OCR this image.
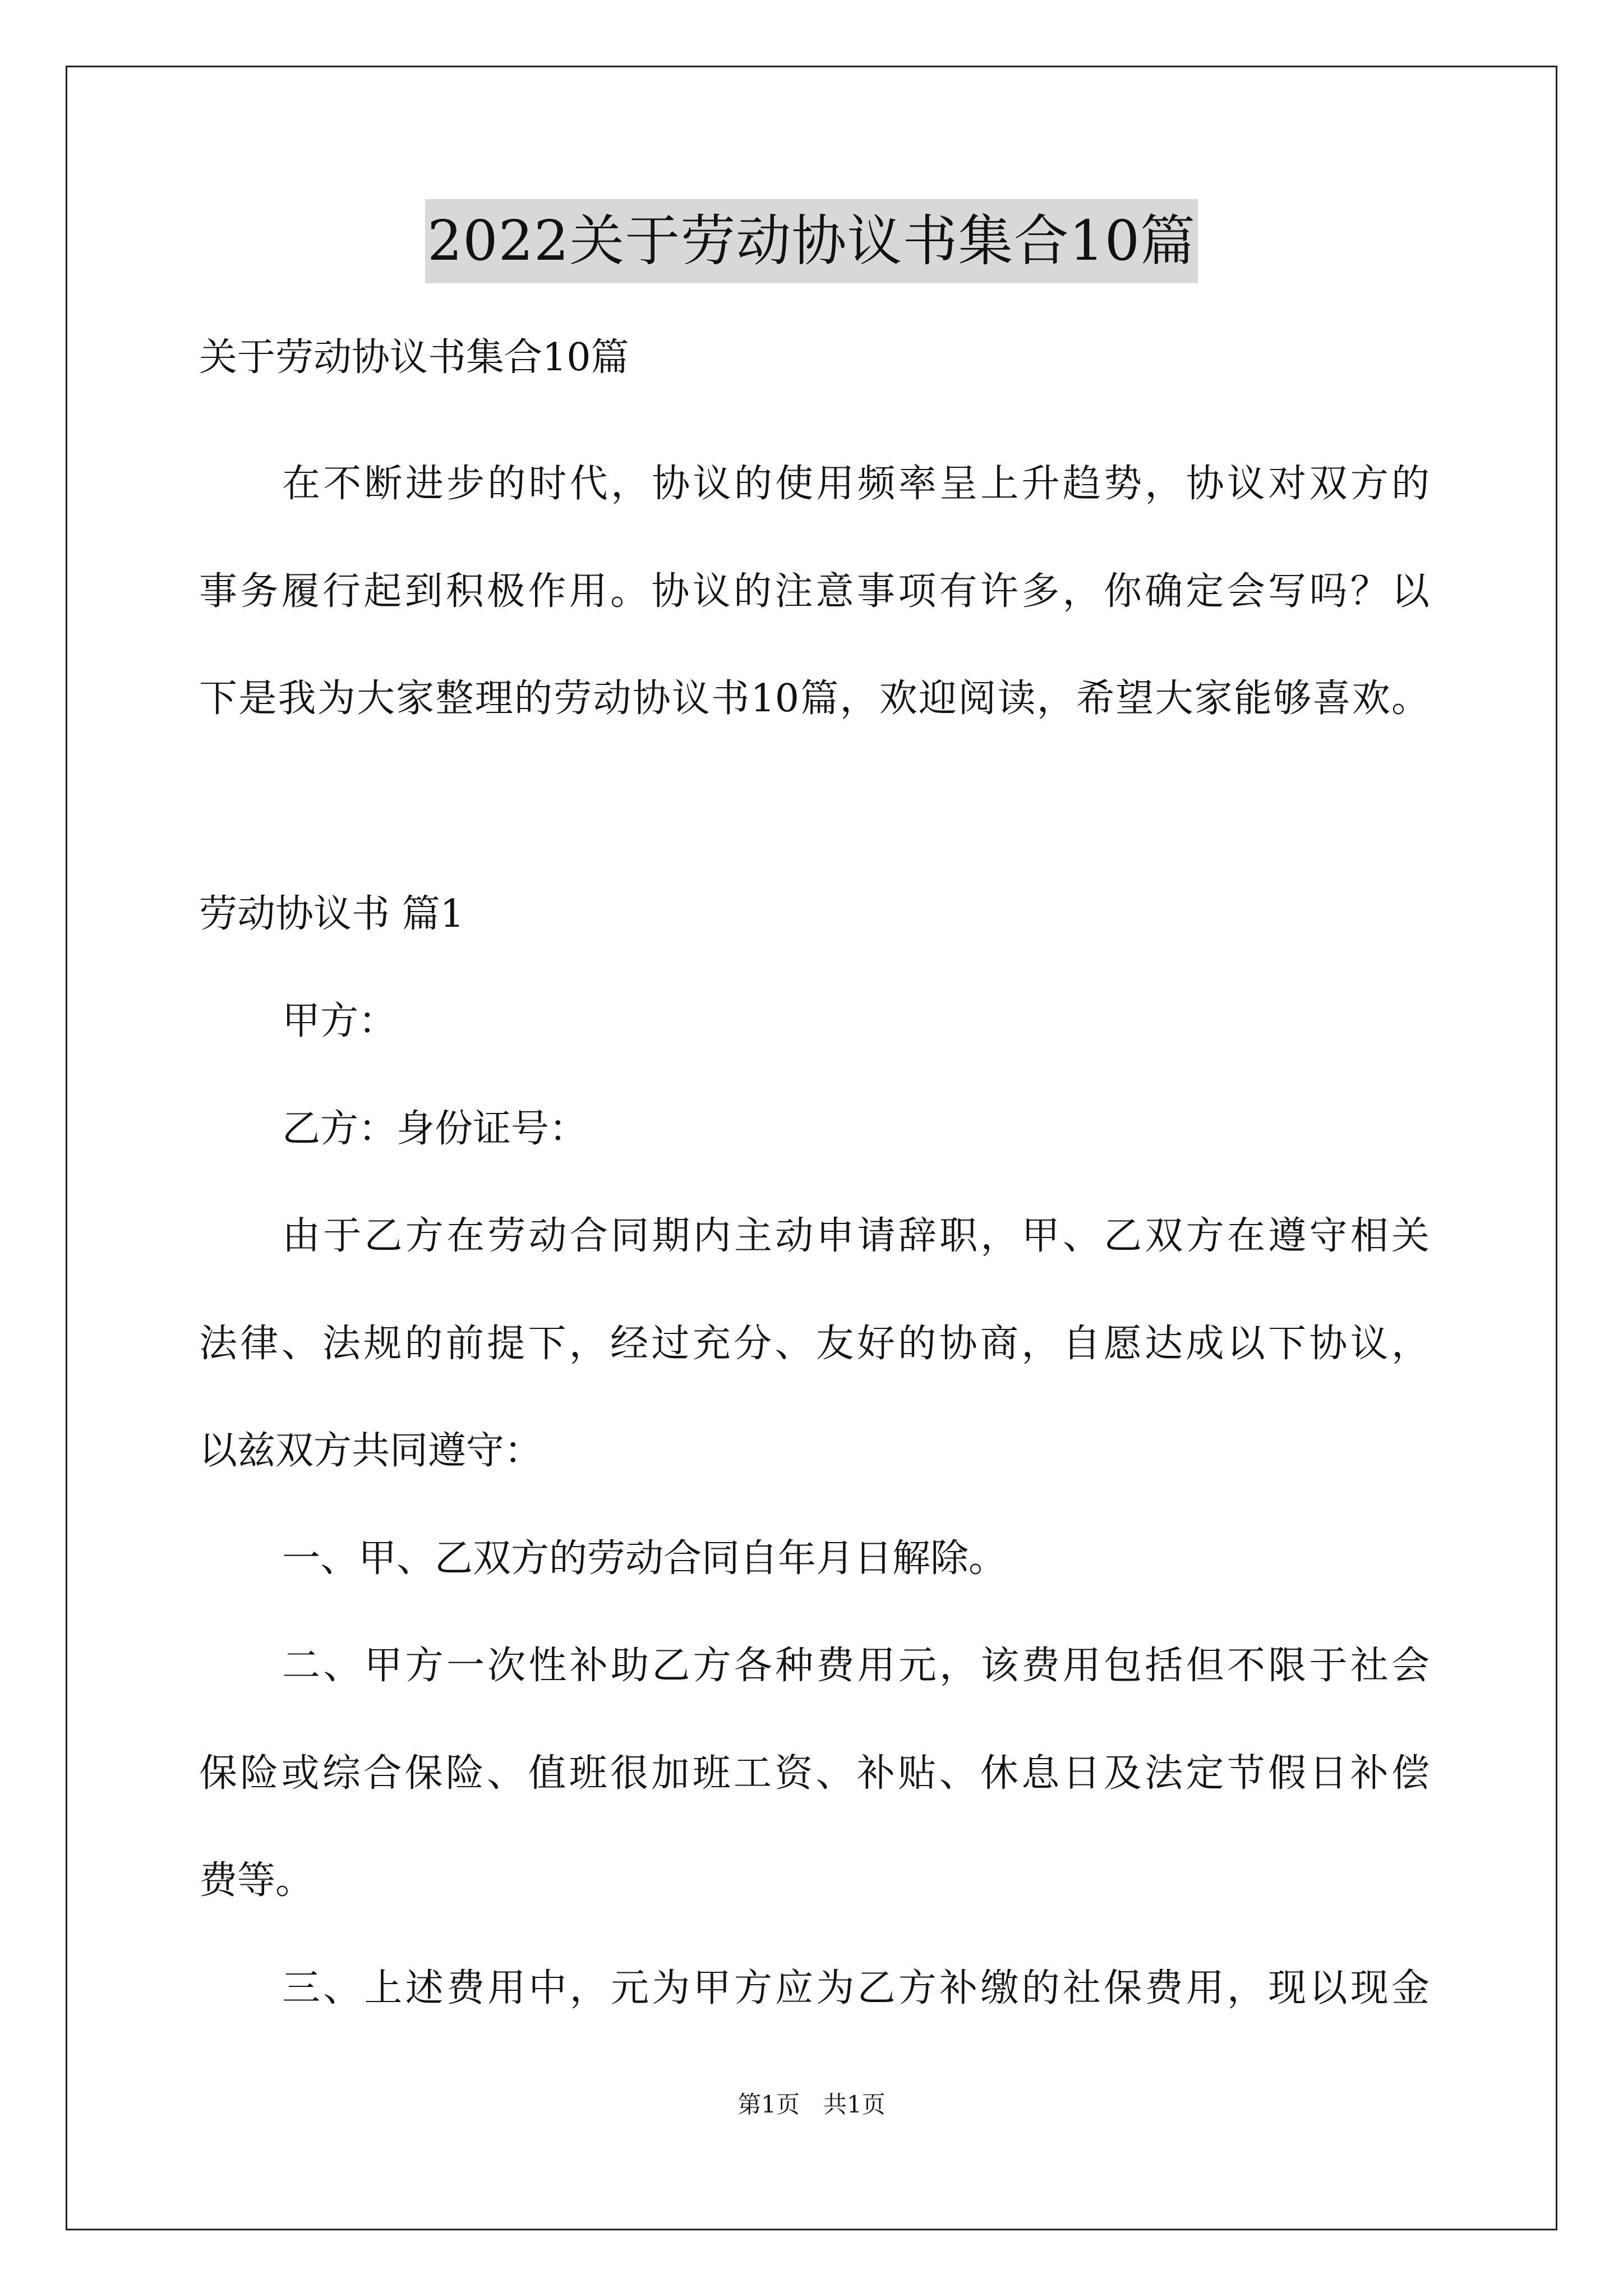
2022关于劳动协议书集合10篇
关于劳动协议书集合10篇
在不断进步的时代，协议的使用频率呈上升趋势，协议对双方的
事务履行起到积极作用。协议的注意事项有许多，你确定会写吗？以
下是我为大家整理的劳动协议书10篇，欢迎阅读，希望大家能够喜欢。
劳动协议书 篇1
甲方：
乙方：身份证号：
由于乙方在劳动合同期内主动申请辞职，甲、乙双方在遵守相关
法律、法规的前提下，经过充分、友好的协商，自愿达成以下协议，
以兹双方共同遵守：
一、甲、乙双方的劳动合同自年月日解除。
二、甲方一次性补助乙方各种费用元，该费用包括但不限于社会
保险或综合保险、值班很加班工资、补贴、休息日及法定节假日补偿
费等。
三、上述费用中，元为甲方应为乙方补缴的社保费用，现以现金
第1页　共1页
